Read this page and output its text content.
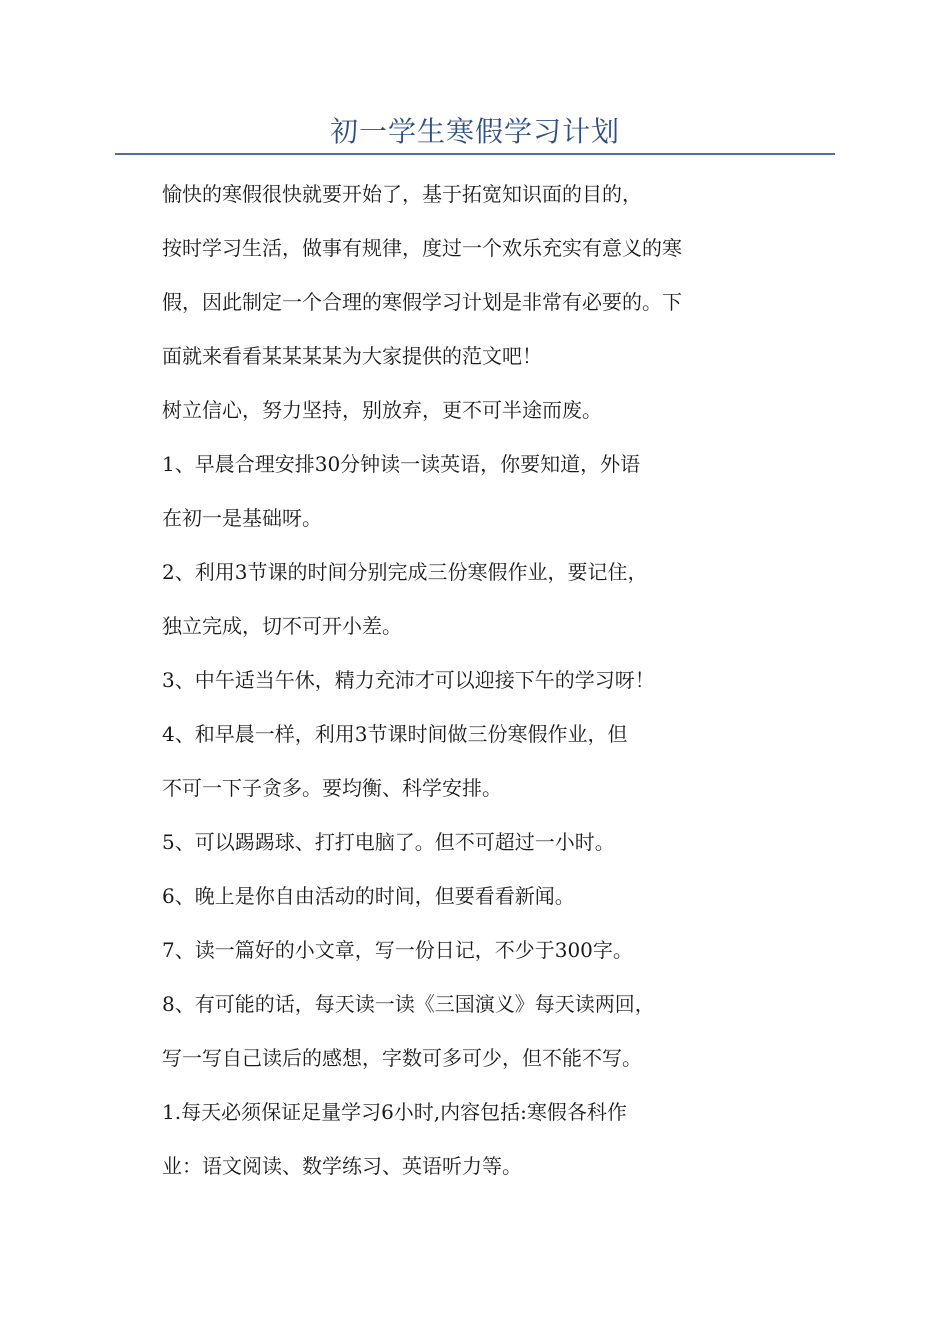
初一学生寒假学习计划
愉快的寒假很快就要开始了，基于拓宽知识面的目的，
按时学习生活，做事有规律，度过一个欢乐充实有意义的寒
假，因此制定一个合理的寒假学习计划是非常有必要的。下
面就来看看某某某某为大家提供的范文吧！
树立信心，努力坚持，别放弃，更不可半途而废。
1、早晨合理安排30分钟读一读英语，你要知道，外语
在初一是基础呀。
2、利用3节课的时间分别完成三份寒假作业，要记住，
独立完成，切不可开小差。
3、中午适当午休，精力充沛才可以迎接下午的学习呀！
4、和早晨一样，利用3节课时间做三份寒假作业，但
不可一下子贪多。要均衡、科学安排。
5、可以踢踢球、打打电脑了。但不可超过一小时。
6、晚上是你自由活动的时间，但要看看新闻。
7、读一篇好的小文章，写一份日记，不少于300字。
8、有可能的话，每天读一读《三国演义》每天读两回，
写一写自己读后的感想，字数可多可少，但不能不写。
1.每天必须保证足量学习6小时,内容包括:寒假各科作
业：语文阅读、数学练习、英语听力等。
